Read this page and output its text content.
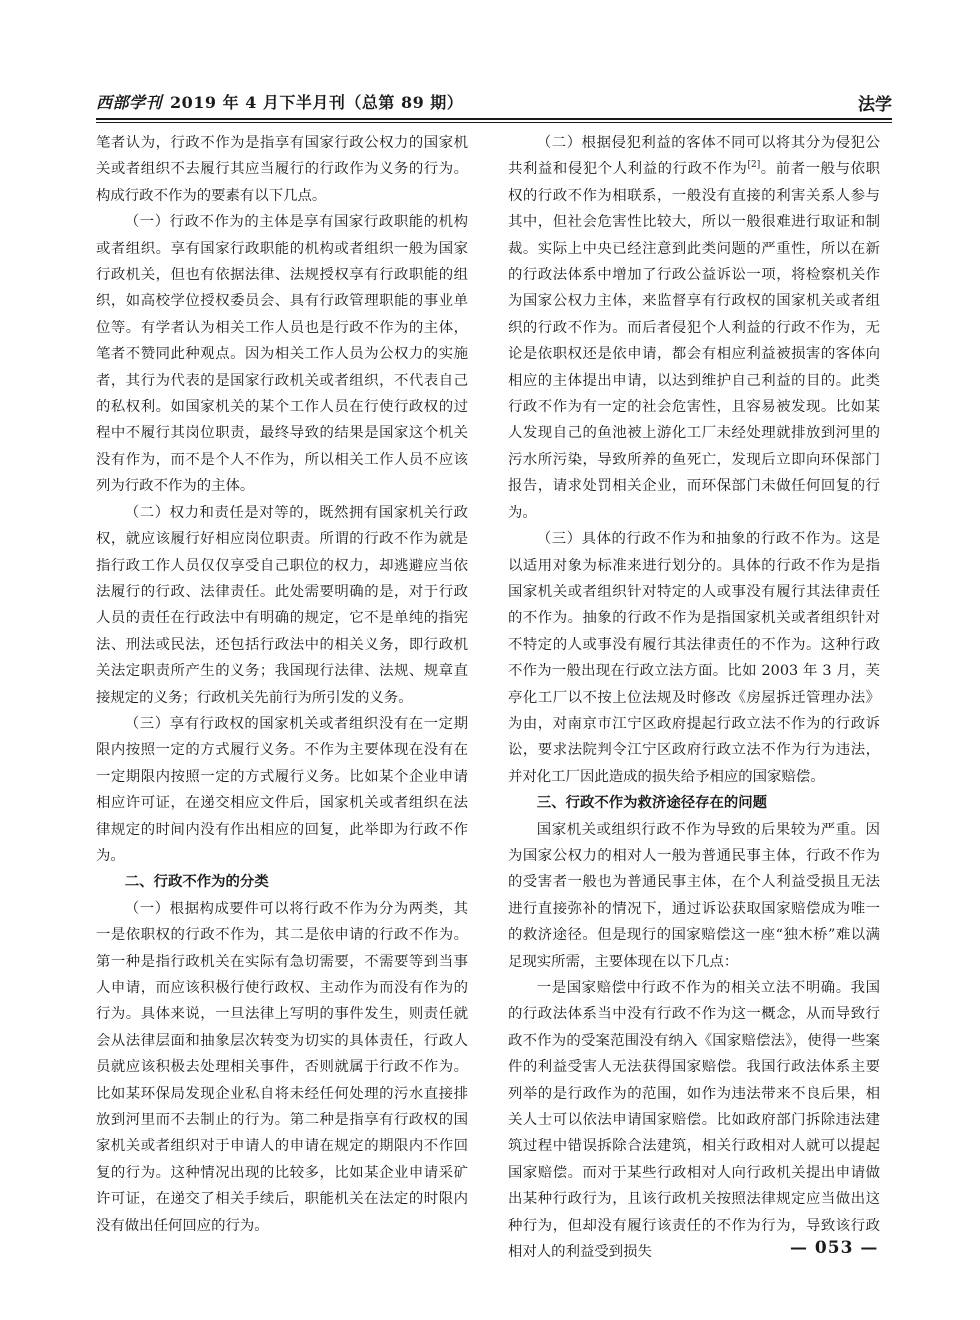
西部学刊 2019 年 4 月下半月刊（总第 89 期）	法学

笔者认为，行政不作为是指享有国家行政公权力的国家机关或者组织不去履行其应当履行的行政作为义务的行为。构成行政不作为的要素有以下几点。

（一）行政不作为的主体是享有国家行政职能的机构或者组织。享有国家行政职能的机构或者组织一般为国家行政机关，但也有依据法律、法规授权享有行政职能的组织，如高校学位授权委员会、具有行政管理职能的事业单位等。有学者认为相关工作人员也是行政不作为的主体，笔者不赞同此种观点。因为相关工作人员为公权力的实施者，其行为代表的是国家行政机关或者组织，不代表自己的私权利。如国家机关的某个工作人员在行使行政权的过程中不履行其岗位职责，最终导致的结果是国家这个机关没有作为，而不是个人不作为，所以相关工作人员不应该列为行政不作为的主体。

（二）权力和责任是对等的，既然拥有国家机关行政权，就应该履行好相应岗位职责。所谓的行政不作为就是指行政工作人员仅仅享受自己职位的权力，却逃避应当依法履行的行政、法律责任。此处需要明确的是，对于行政人员的责任在行政法中有明确的规定，它不是单纯的指宪法、刑法或民法，还包括行政法中的相关义务，即行政机关法定职责所产生的义务；我国现行法律、法规、规章直接规定的义务；行政机关先前行为所引发的义务。

（三）享有行政权的国家机关或者组织没有在一定期限内按照一定的方式履行义务。不作为主要体现在没有在一定期限内按照一定的方式履行义务。比如某个企业申请相应许可证，在递交相应文件后，国家机关或者组织在法律规定的时间内没有作出相应的回复，此举即为行政不作为。

二、行政不作为的分类

（一）根据构成要件可以将行政不作为分为两类，其一是依职权的行政不作为，其二是依申请的行政不作为。第一种是指行政机关在实际有急切需要，不需要等到当事人申请，而应该积极行使行政权、主动作为而没有作为的行为。具体来说，一旦法律上写明的事件发生，则责任就会从法律层面和抽象层次转变为切实的具体责任，行政人员就应该积极去处理相关事件，否则就属于行政不作为。比如某环保局发现企业私自将未经任何处理的污水直接排放到河里而不去制止的行为。第二种是指享有行政权的国家机关或者组织对于申请人的申请在规定的期限内不作回复的行为。这种情况出现的比较多，比如某企业申请采矿许可证，在递交了相关手续后，职能机关在法定的时限内没有做出任何回应的行为。

（二）根据侵犯利益的客体不同可以将其分为侵犯公共利益和侵犯个人利益的行政不作为[2]。前者一般与依职权的行政不作为相联系，一般没有直接的利害关系人参与其中，但社会危害性比较大，所以一般很难进行取证和制裁。实际上中央已经注意到此类问题的严重性，所以在新的行政法体系中增加了行政公益诉讼一项，将检察机关作为国家公权力主体，来监督享有行政权的国家机关或者组织的行政不作为。而后者侵犯个人利益的行政不作为，无论是依职权还是依申请，都会有相应利益被损害的客体向相应的主体提出申请，以达到维护自己利益的目的。此类行政不作为有一定的社会危害性，且容易被发现。比如某人发现自己的鱼池被上游化工厂未经处理就排放到河里的污水所污染，导致所养的鱼死亡，发现后立即向环保部门报告，请求处罚相关企业，而环保部门未做任何回复的行为。

（三）具体的行政不作为和抽象的行政不作为。这是以适用对象为标准来进行划分的。具体的行政不作为是指国家机关或者组织针对特定的人或事没有履行其法律责任的不作为。抽象的行政不作为是指国家机关或者组织针对不特定的人或事没有履行其法律责任的不作为。这种行政不作为一般出现在行政立法方面。比如 2003 年 3 月，芙亭化工厂以不按上位法规及时修改《房屋拆迁管理办法》为由，对南京市江宁区政府提起行政立法不作为的行政诉讼，要求法院判令江宁区政府行政立法不作为行为违法，并对化工厂因此造成的损失给予相应的国家赔偿。

三、行政不作为救济途径存在的问题

国家机关或组织行政不作为导致的后果较为严重。因为国家公权力的相对人一般为普通民事主体，行政不作为的受害者一般也为普通民事主体，在个人利益受损且无法进行直接弥补的情况下，通过诉讼获取国家赔偿成为唯一的救济途径。但是现行的国家赔偿这一座“独木桥”难以满足现实所需，主要体现在以下几点：

一是国家赔偿中行政不作为的相关立法不明确。我国的行政法体系当中没有行政不作为这一概念，从而导致行政不作为的受案范围没有纳入《国家赔偿法》，使得一些案件的利益受害人无法获得国家赔偿。我国行政法体系主要列举的是行政作为的范围，如作为违法带来不良后果，相关人士可以依法申请国家赔偿。比如政府部门拆除违法建筑过程中错误拆除合法建筑，相关行政相对人就可以提起国家赔偿。而对于某些行政相对人向行政机关提出申请做出某种行政行为，且该行政机关按照法律规定应当做出这种行为，但却没有履行该责任的不作为行为，导致该行政相对人的利益受到损失	— 053 —
